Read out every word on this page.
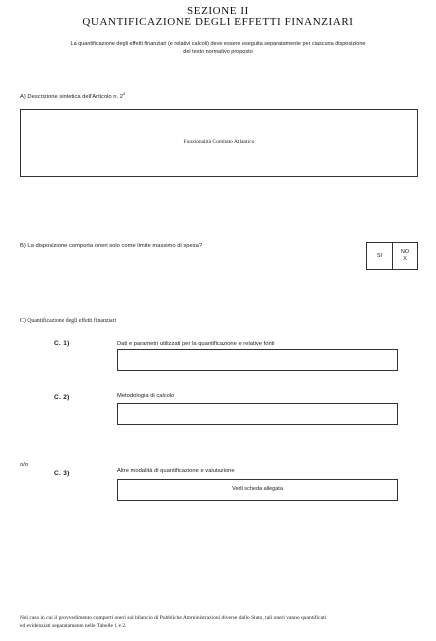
SEZIONE II
QUANTIFICAZIONE DEGLI EFFETTI FINANZIARI
La quantificazione degli effetti finanziari (e relativi calcoli) deve essere eseguita separatamente per ciascuna disposizione
del testo normativo proposto
A) Descrizione sintetica dell'Articolo n. $2^3$
Funzionalità Comitato Atlantico
B) La disposizione comporta oneri solo come limite massimo di spesa?
SI
NO
X
C) Quantificazione degli effetti finanziari
C. 1)	Dati e parametri utilizzati per la quantificazione e relative fonti
C. 2)	Metodologia di calcolo
o/o
C. 3)	Altre modalità di quantificazione e valutazione
Vedi scheda allegata
Nel caso in cui il provvedimento comporti oneri sul bilancio di Pubbliche Amministrazioni diverse dallo Stato, tali oneri vanno quantificati
ed evidenziati separatamente nelle Tabelle 1 e 2.
